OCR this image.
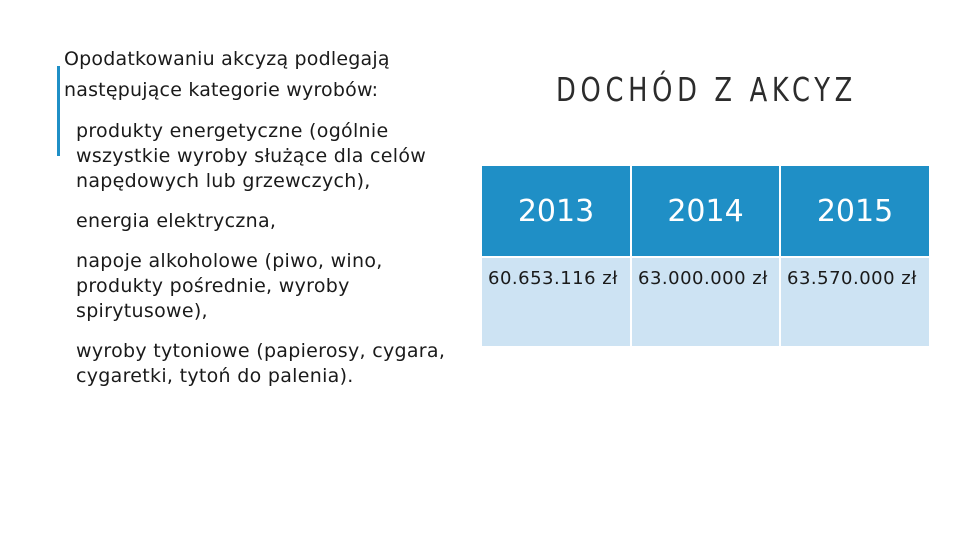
Opodatkowaniu akcyzą podlegają następujące kategorie wyrobów:
produkty energetyczne (ogólnie wszystkie wyroby służące dla celów napędowych lub grzewczych),
energia elektryczna,
napoje alkoholowe (piwo, wino, produkty pośrednie, wyroby spirytusowe),
wyroby tytoniowe (papierosy, cygara, cygaretki, tytoń do palenia).
DOCHÓD Z AKCYZ
2013	2014	2015
60.653.116 zł	63.000.000 zł	63.570.000 zł
